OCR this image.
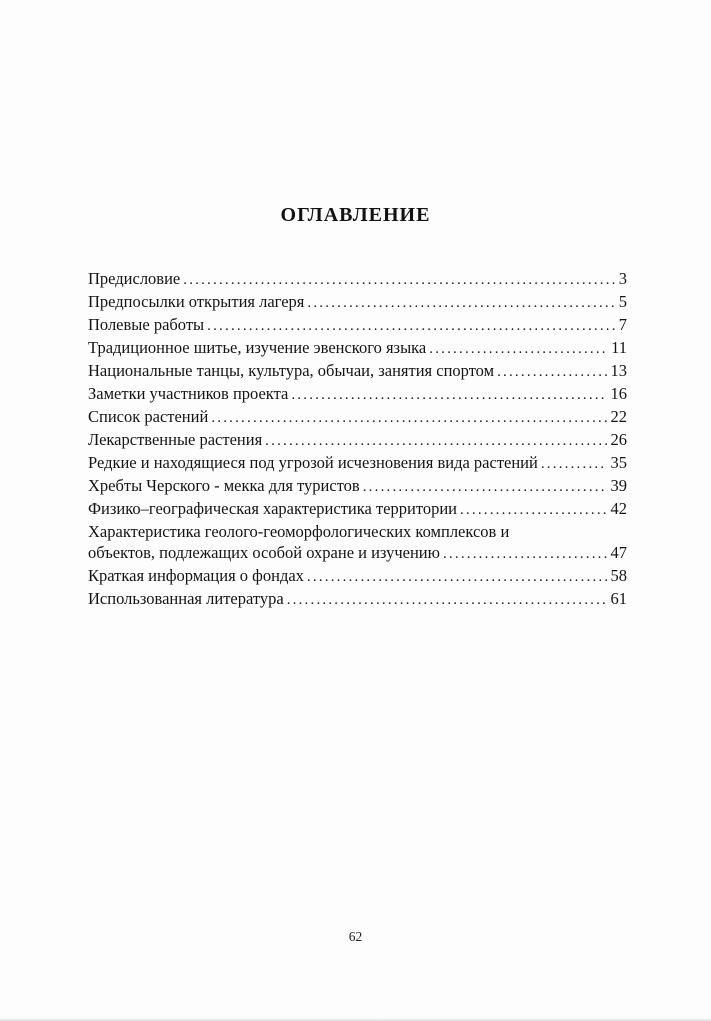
ОГЛАВЛЕНИЕ
Предисловие .....	3
Предпосылки открытия лагеря .....	5
Полевые работы .....	7
Традиционное шитье, изучение эвенского языка .....	11
Национальные танцы, культура, обычаи, занятия спортом .....	13
Заметки участников проекта .....	16
Список растений .....	22
Лекарственные растения .....	26
Редкие и находящиеся под угрозой исчезновения вида растений .....	35
Хребты Черского - мекка для туристов .....	39
Физико–географическая характеристика территории .....	42
Характеристика геолого-геоморфологических комплексов и
объектов, подлежащих особой охране и изучению .....	47
Краткая информация о фондах .....	58
Использованная литература .....	61
62
